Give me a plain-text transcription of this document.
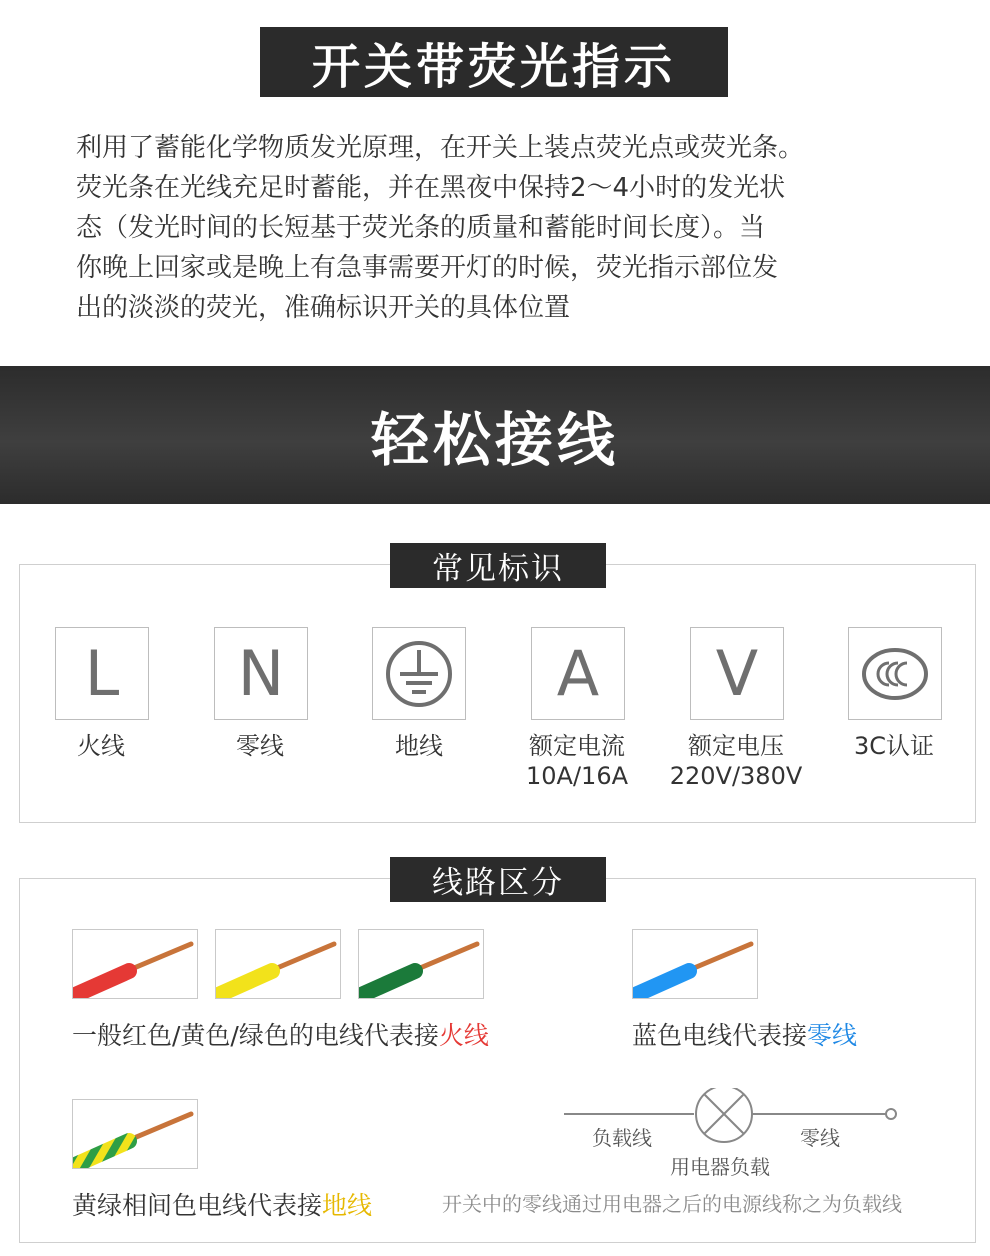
开关带荧光指示
利用了蓄能化学物质发光原理，在开关上装点荧光点或荧光条。
荧光条在光线充足时蓄能，并在黑夜中保持2～4小时的发光状
态（发光时间的长短基于荧光条的质量和蓄能时间长度）。当
你晚上回家或是晚上有急事需要开灯的时候，荧光指示部位发
出的淡淡的荧光，准确标识开关的具体位置
轻松接线
常见标识
L
火线
N
零线	地线
A
额定电流
10A/16A
V
额定电压
220V/380V
3C认证
线路区分
一般红色/黄色/绿色的电线代表接火线	蓝色电线代表接零线
黄绿相间色电线代表接地线
负载线	零线
用电器负载
开关中的零线通过用电器之后的电源线称之为负载线
